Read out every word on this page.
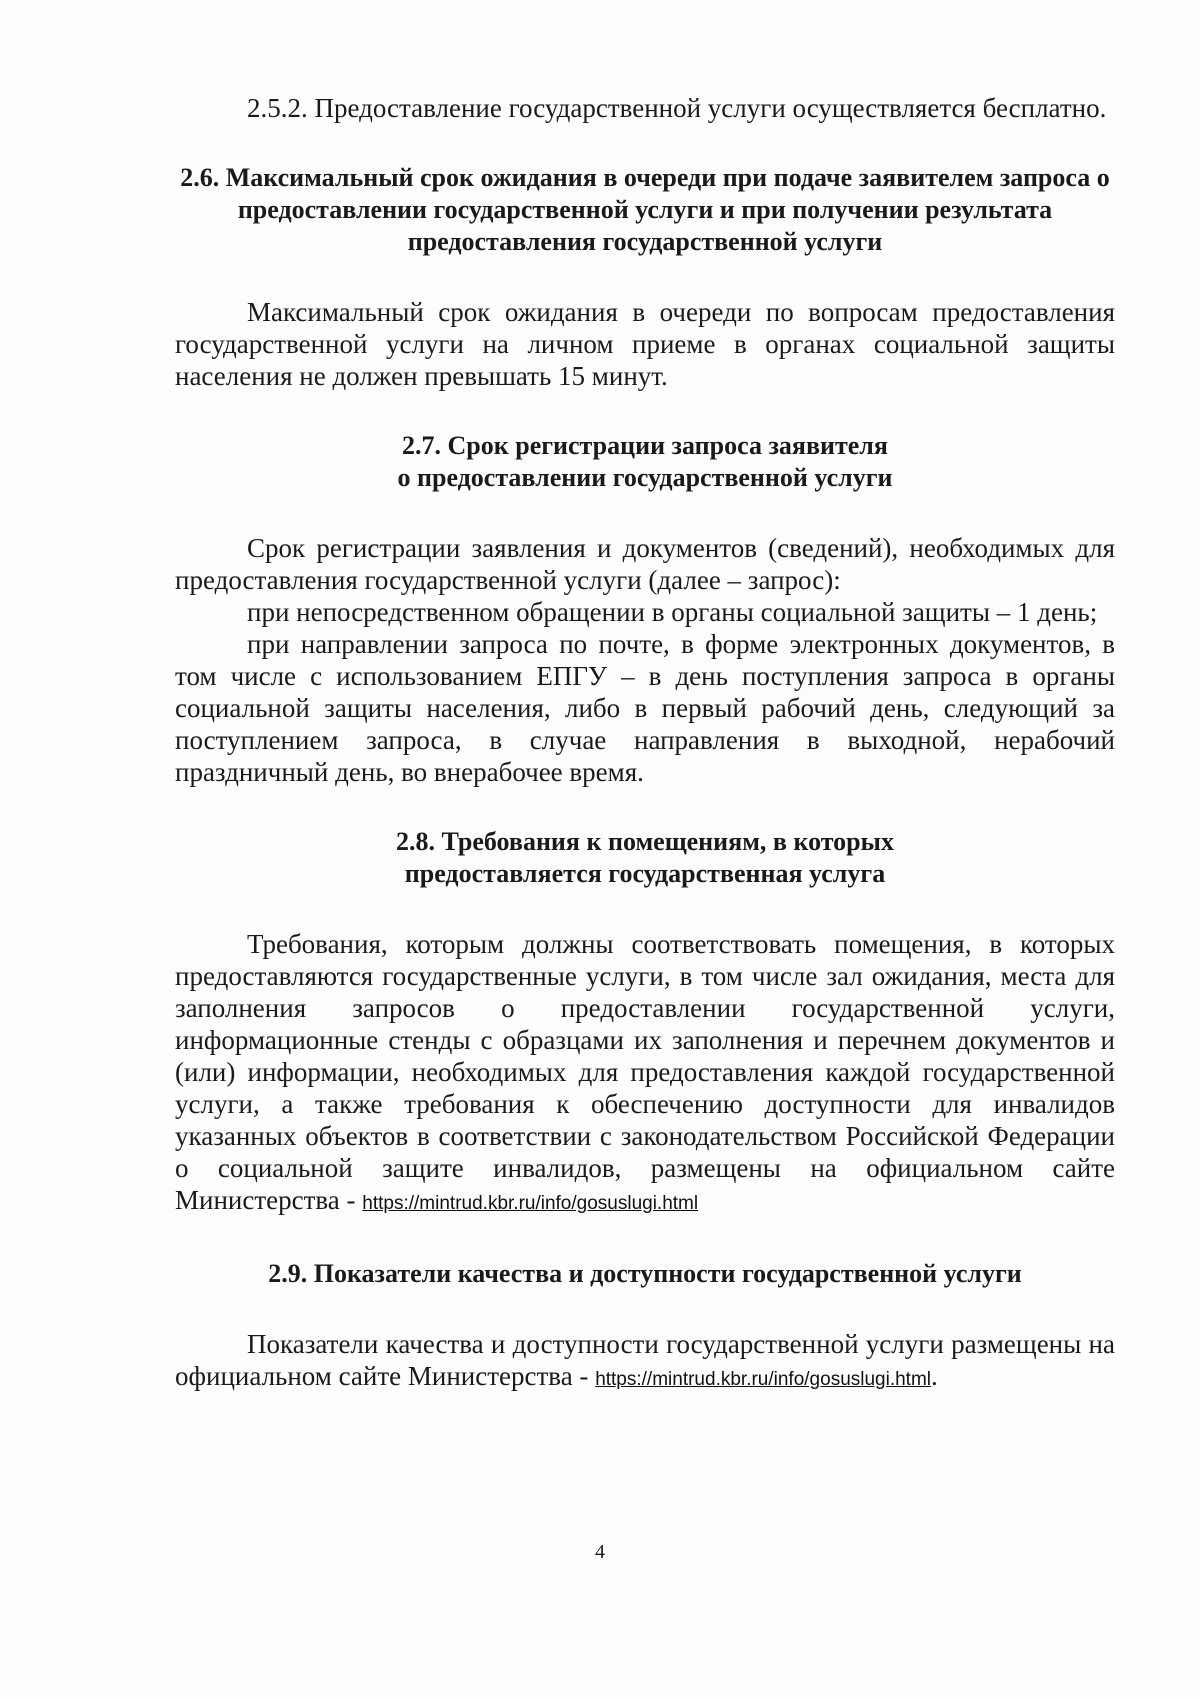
2.5.2. Предоставление государственной услуги осуществляется бесплатно.

2.6. Максимальный срок ожидания в очереди при подаче заявителем запроса о предоставлении государственной услуги и при получении результата предоставления государственной услуги

Максимальный срок ожидания в очереди по вопросам предоставления государственной услуги на личном приеме в органах социальной защиты населения не должен превышать 15 минут.

2.7. Срок регистрации запроса заявителя
о предоставлении государственной услуги

Срок регистрации заявления и документов (сведений), необходимых для предоставления государственной услуги (далее – запрос):

при непосредственном обращении в органы социальной защиты – 1 день;

при направлении запроса по почте, в форме электронных документов, в том числе с использованием ЕПГУ – в день поступления запроса в органы социальной защиты населения, либо в первый рабочий день, следующий за поступлением запроса, в случае направления в выходной, нерабочий праздничный день, во внерабочее время.

2.8. Требования к помещениям, в которых
предоставляется государственная услуга

Требования, которым должны соответствовать помещения, в которых предоставляются государственные услуги, в том числе зал ожидания, места для заполнения запросов о предоставлении государственной услуги, информационные стенды с образцами их заполнения и перечнем документов и (или) информации, необходимых для предоставления каждой государственной услуги, а также требования к обеспечению доступности для инвалидов указанных объектов в соответствии с законодательством Российской Федерации о социальной защите инвалидов, размещены на официальном сайте Министерства - https://mintrud.kbr.ru/info/gosuslugi.html

2.9. Показатели качества и доступности государственной услуги

Показатели качества и доступности государственной услуги размещены на официальном сайте Министерства - https://mintrud.kbr.ru/info/gosuslugi.html.

4
